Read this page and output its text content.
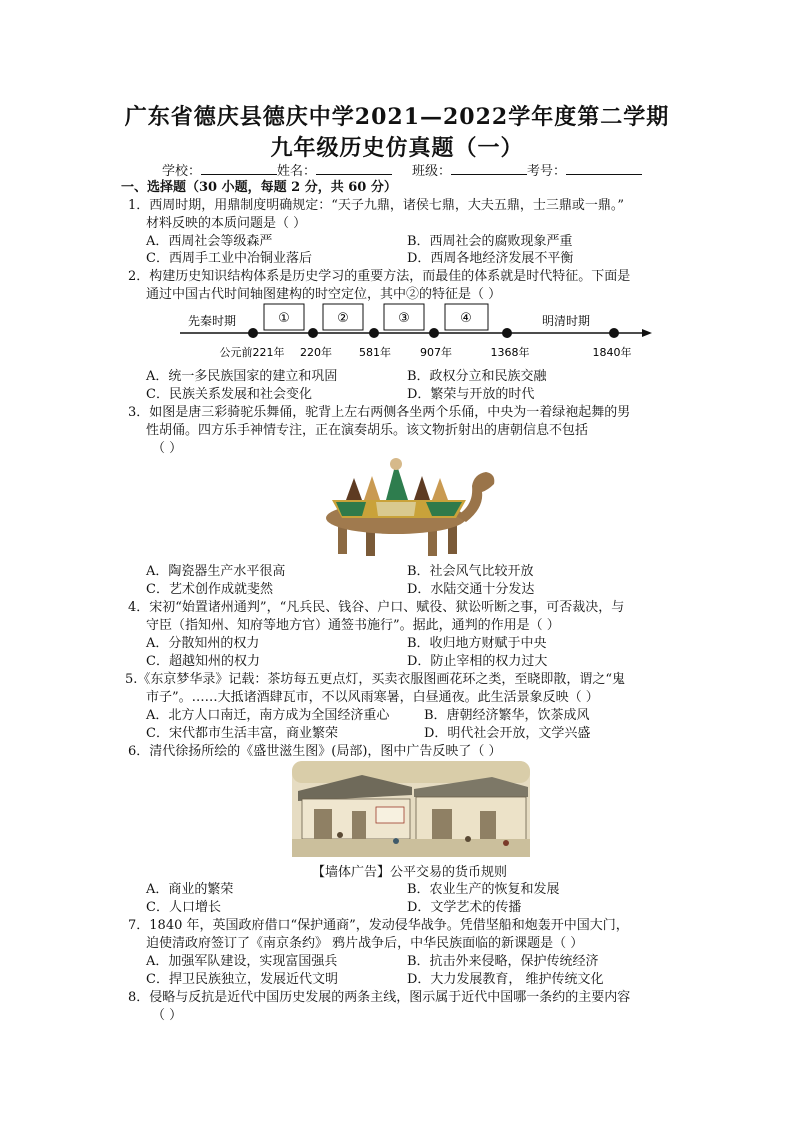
广东省德庆县德庆中学2021—2022学年度第二学期
九年级历史仿真题（一）
学校：	姓名：	班级：	考号：
一、选择题（30 小题，每题 2 分，共 60 分）
1．西周时期，用鼎制度明确规定：“天子九鼎，诸侯七鼎，大夫五鼎，士三鼎或一鼎。”
材料反映的本质问题是（ ）
A．西周社会等级森严	B．西周社会的腐败现象严重
C．西周手工业中冶铜业落后	D．西周各地经济发展不平衡
2．构建历史知识结构体系是历史学习的重要方法，而最佳的体系就是时代特征。下面是
通过中国古代时间轴图建构的时空定位，其中②的特征是（ ）
先秦时期	明清时期
①	②	③	④
公元前221年 220年 581年	907年	1368年	1840年
A．统一多民族国家的建立和巩固	B．政权分立和民族交融
C．民族关系发展和社会变化	D．繁荣与开放的时代
3．如图是唐三彩骑驼乐舞俑，驼背上左右两侧各坐两个乐俑，中央为一着绿袍起舞的男
性胡俑。四方乐手神情专注，正在演奏胡乐。该文物折射出的唐朝信息不包括
（ ）
A．陶瓷器生产水平很高	B．社会风气比较开放
C．艺术创作成就斐然	D．水陆交通十分发达
4．宋初“始置诸州通判”，“凡兵民、钱谷、户口、赋役、狱讼听断之事，可否裁决，与
守臣（指知州、知府等地方官）通签书施行”。据此，通判的作用是（ ）
A．分散知州的权力	B．收归地方财赋于中央
C．超越知州的权力	D．防止宰相的权力过大
5.《东京梦华录》记载：茶坊每五更点灯，买卖衣服图画花环之类，至晓即散，谓之“鬼
市子”。……大抵诸酒肆瓦市，不以风雨寒暑，白昼通夜。此生活景象反映（ ）
A．北方人口南迁，南方成为全国经济重心	B．唐朝经济繁华，饮茶成风
C．宋代都市生活丰富，商业繁荣	D．明代社会开放，文学兴盛
6．清代徐扬所绘的《盛世滋生图》(局部)，图中广告反映了（ ）
【墙体广告】公平交易的货币规则
A．商业的繁荣	B．农业生产的恢复和发展
C．人口增长	D．文学艺术的传播
7．1840 年，英国政府借口“保护通商”，发动侵华战争。凭借坚船和炮轰开中国大门，
迫使清政府签订了《南京条约》 鸦片战争后，中华民族面临的新课题是（ ）
A．加强军队建设，实现富国强兵	B．抗击外来侵略，保护传统经济
C．捍卫民族独立，发展近代文明	D．大力发展教育， 维护传统文化
8．侵略与反抗是近代中国历史发展的两条主线，图示属于近代中国哪一条约的主要内容
（ ）
